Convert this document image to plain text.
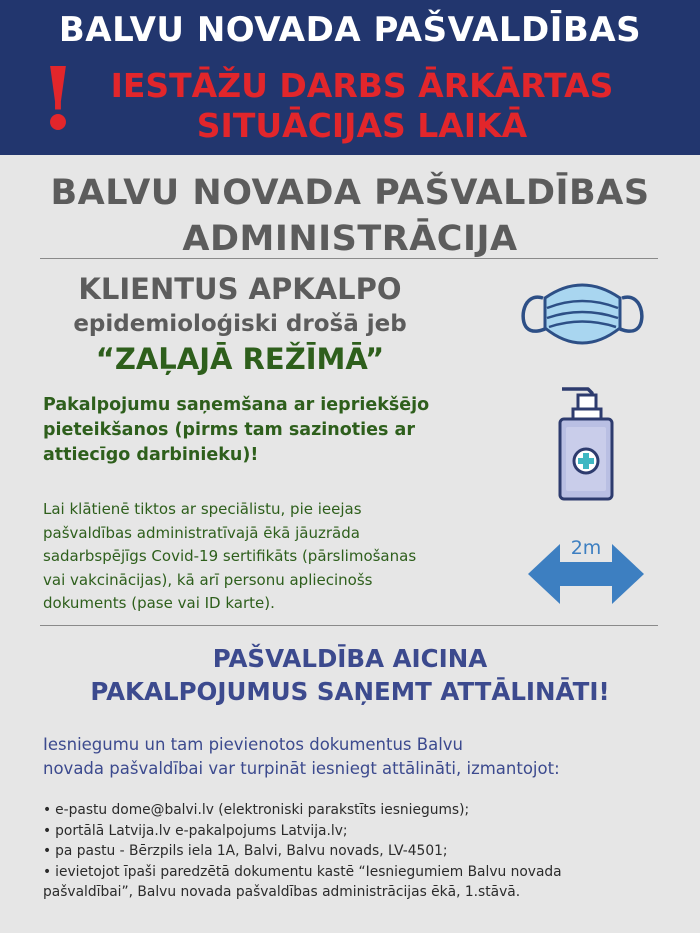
BALVU NOVADA PAŠVALDĪBAS
!	IESTĀŽU DARBS ĀRKĀRTAS
SITUĀCIJAS LAIKĀ
BALVU NOVADA PAŠVALDĪBAS
ADMINISTRĀCIJA
KLIENTUS APKALPO
epidemioloģiski drošā jeb
“ZAĻAJĀ REŽĪMĀ”
Pakalpojumu saņemšana ar iepriekšējo
pieteikšanos (pirms tam sazinoties ar
attiecīgo darbinieku)!
Lai klātienē tiktos ar speciālistu, pie ieejas
pašvaldības administratīvajā ēkā jāuzrāda
sadarbspējīgs Covid-19 sertifikāts (pārslimošanas
vai vakcinācijas), kā arī personu apliecinošs
dokuments (pase vai ID karte).
2m
PAŠVALDĪBA AICINA
PAKALPOJUMUS SAŅEMT ATTĀLINĀTI!
Iesniegumu un tam pievienotos dokumentus Balvu
novada pašvaldībai var turpināt iesniegt attālināti, izmantojot:
• e-pastu dome@balvi.lv (elektroniski parakstīts iesniegums);
• portālā Latvija.lv e-pakalpojums Latvija.lv;
• pa pastu - Bērzpils iela 1A, Balvi, Balvu novads, LV-4501;
• ievietojot īpaši paredzētā dokumentu kastē “Iesniegumiem Balvu novada
pašvaldībai”, Balvu novada pašvaldības administrācijas ēkā, 1.stāvā.
